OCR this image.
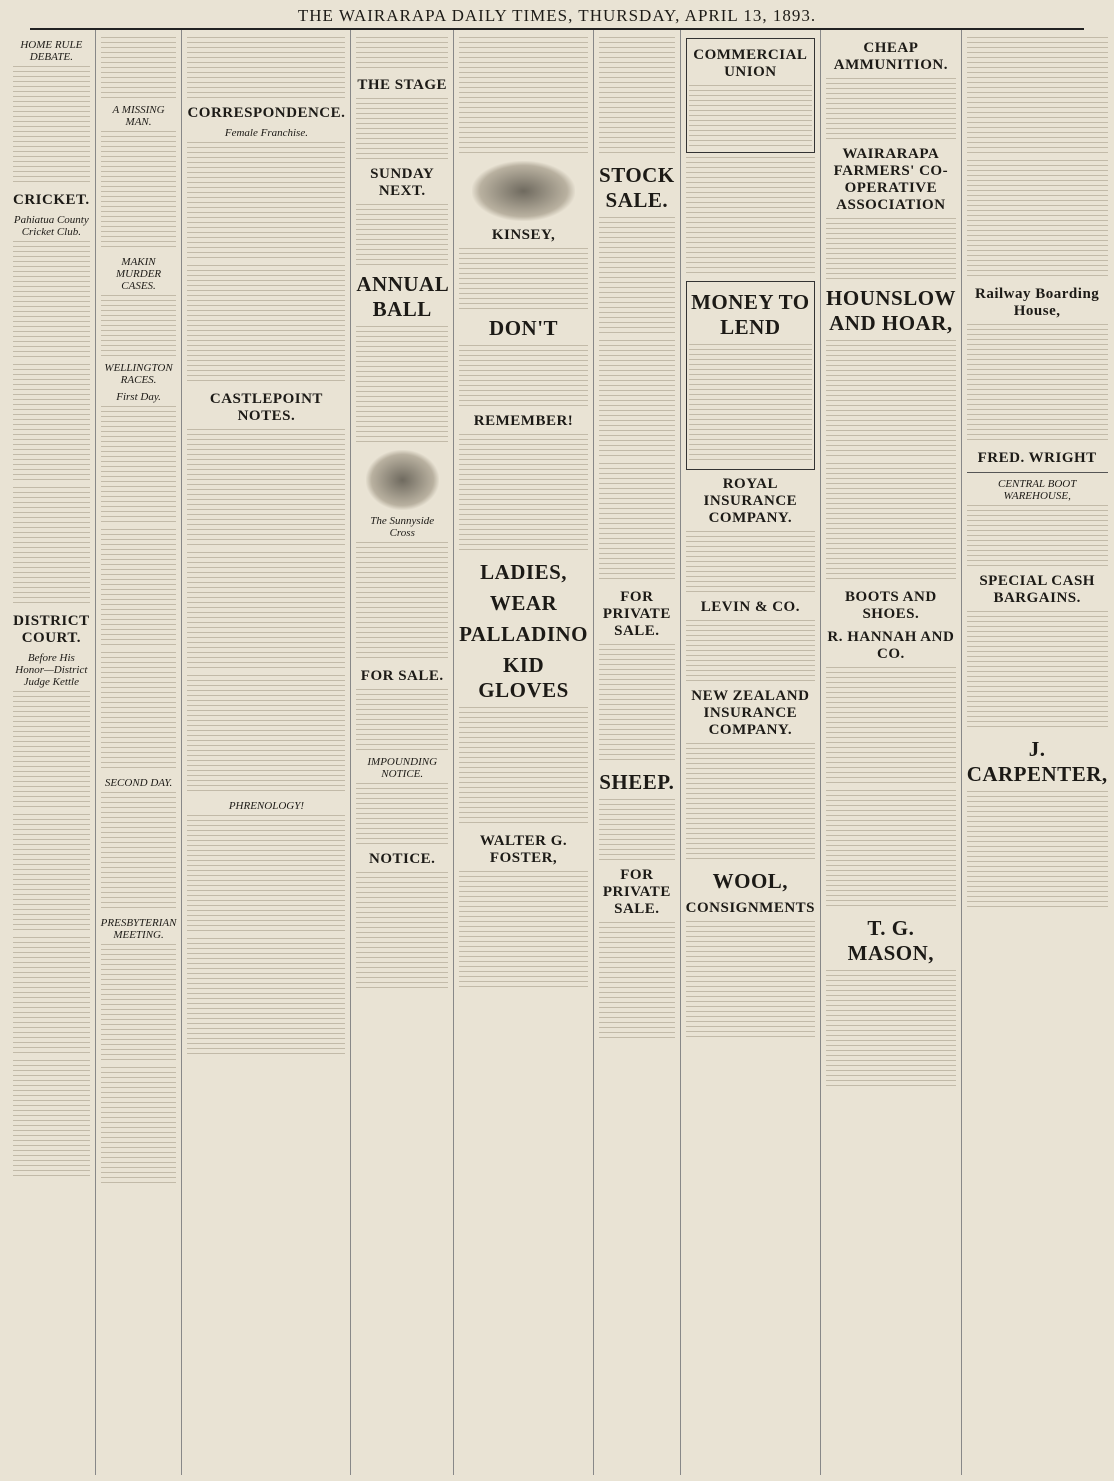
THE WAIRARAPA DAILY TIMES, THURSDAY, APRIL 13, 1893.
HOME RULE DEBATE.
CRICKET.
Pahiatua County Cricket Club.
DISTRICT COURT.
Before His Honor—District Judge Kettle
A MISSING MAN.
MAKIN MURDER CASES.
WELLINGTON RACES.
First Day.
SECOND DAY.
PRESBYTERIAN MEETING.
CORRESPONDENCE.
Female Franchise.
CASTLEPOINT NOTES.
PHRENOLOGY!
THE STAGE
SUNDAY NEXT.
ANNUAL BALL
The Sunnyside Cross
FOR SALE.
IMPOUNDING NOTICE.
NOTICE.
KINSEY,
DON'T
REMEMBER!
LADIES,
WEAR
PALLADINO
KID GLOVES
WALTER G. FOSTER,
STOCK SALE.
FOR PRIVATE SALE.
SHEEP.
FOR PRIVATE SALE.
COMMERCIAL UNION
MONEY TO LEND
ROYAL INSURANCE COMPANY.
LEVIN & CO.
NEW ZEALAND INSURANCE COMPANY.
WOOL,
CONSIGNMENTS
CHEAP AMMUNITION.
WAIRARAPA FARMERS' CO-OPERATIVE ASSOCIATION
HOUNSLOW AND HOAR,
BOOTS AND SHOES.
R. HANNAH AND CO.
T. G. MASON,
Railway Boarding House,
FRED. WRIGHT
CENTRAL BOOT WAREHOUSE,
SPECIAL CASH BARGAINS.
J. CARPENTER,
